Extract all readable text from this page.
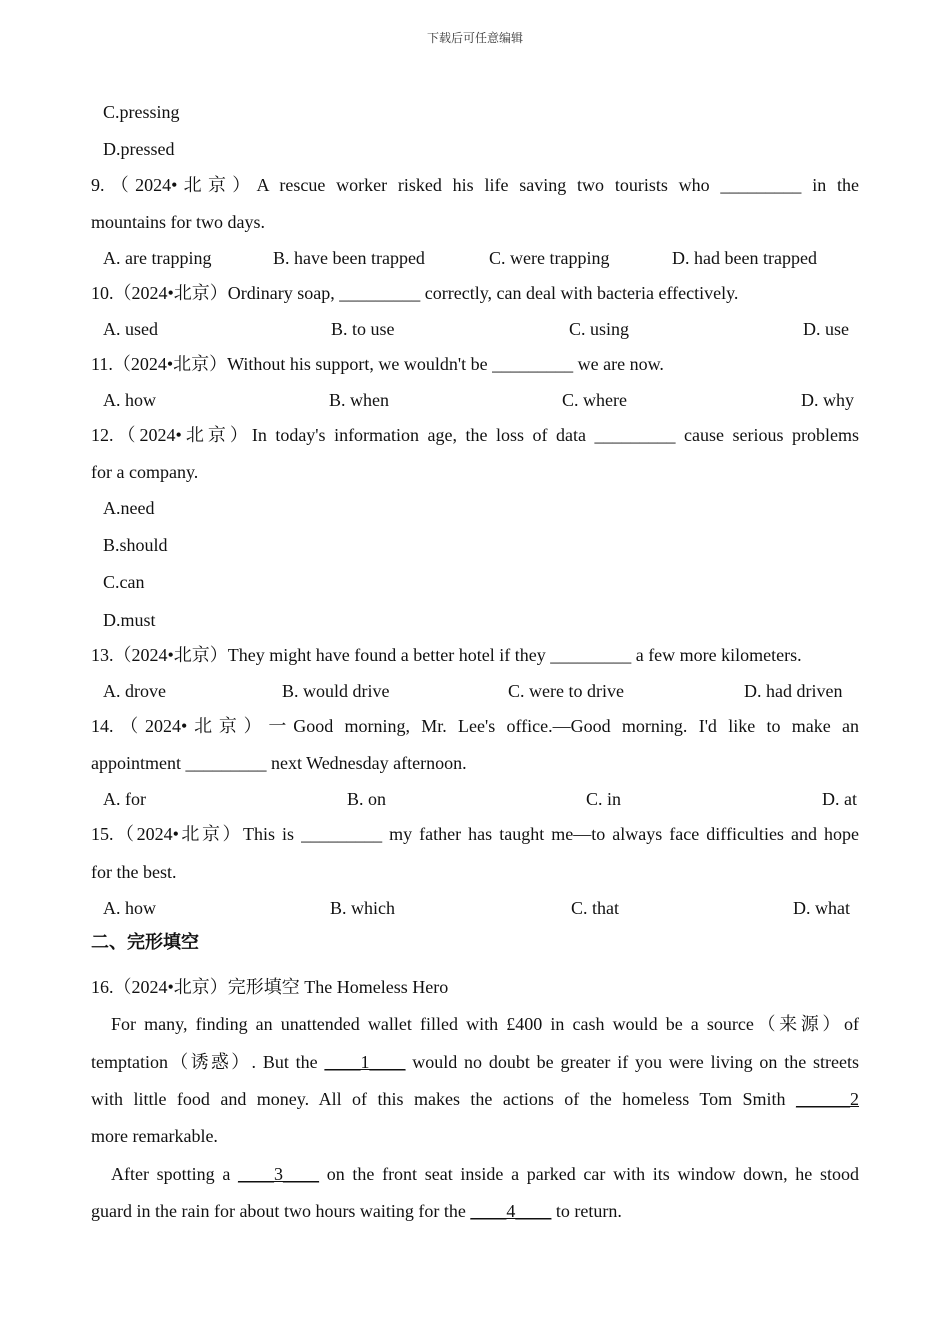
下载后可任意编辑
C.pressing
D.pressed
9.（2024•北京）A rescue worker risked his life saving two tourists who _________ in the
mountains for two days.
A. are trapping	B. have been trapped	C. were trapping	D. had been trapped
10.（2024•北京）Ordinary soap, _________ correctly, can deal with bacteria effectively.
A. used	B. to use	C. using	D. use
11.（2024•北京）Without his support, we wouldn't be _________ we are now.
A. how	B. when	C. where	D. why
12.（2024•北京）In today's information age, the loss of data _________ cause serious problems
for a company.
A.need
B.should
C.can
D.must
13.（2024•北京）They might have found a better hotel if they _________ a few more kilometers.
A. drove	B. would drive	C. were to drive	D. had driven
14.（2024•北京）一Good morning, Mr. Lee's office.—Good morning. I'd like to make an
appointment _________ next Wednesday afternoon.
A. for	B. on	C. in	D. at
15.（2024•北京）This is _________ my father has taught me—to always face difficulties and hope
for the best.
A. how	B. which	C. that	D. what
二、完形填空
16.（2024•北京）完形填空 The Homeless Hero
For many, finding an unattended wallet filled with £400 in cash would be a source（来源）of
temptation（诱惑）. But the ____1____ would no doubt be greater if you were living on the streets
with little food and money. All of this makes the actions of the homeless Tom Smith ______2
more remarkable.
After spotting a ____3____ on the front seat inside a parked car with its window down, he stood
guard in the rain for about two hours waiting for the ____4____ to return.
